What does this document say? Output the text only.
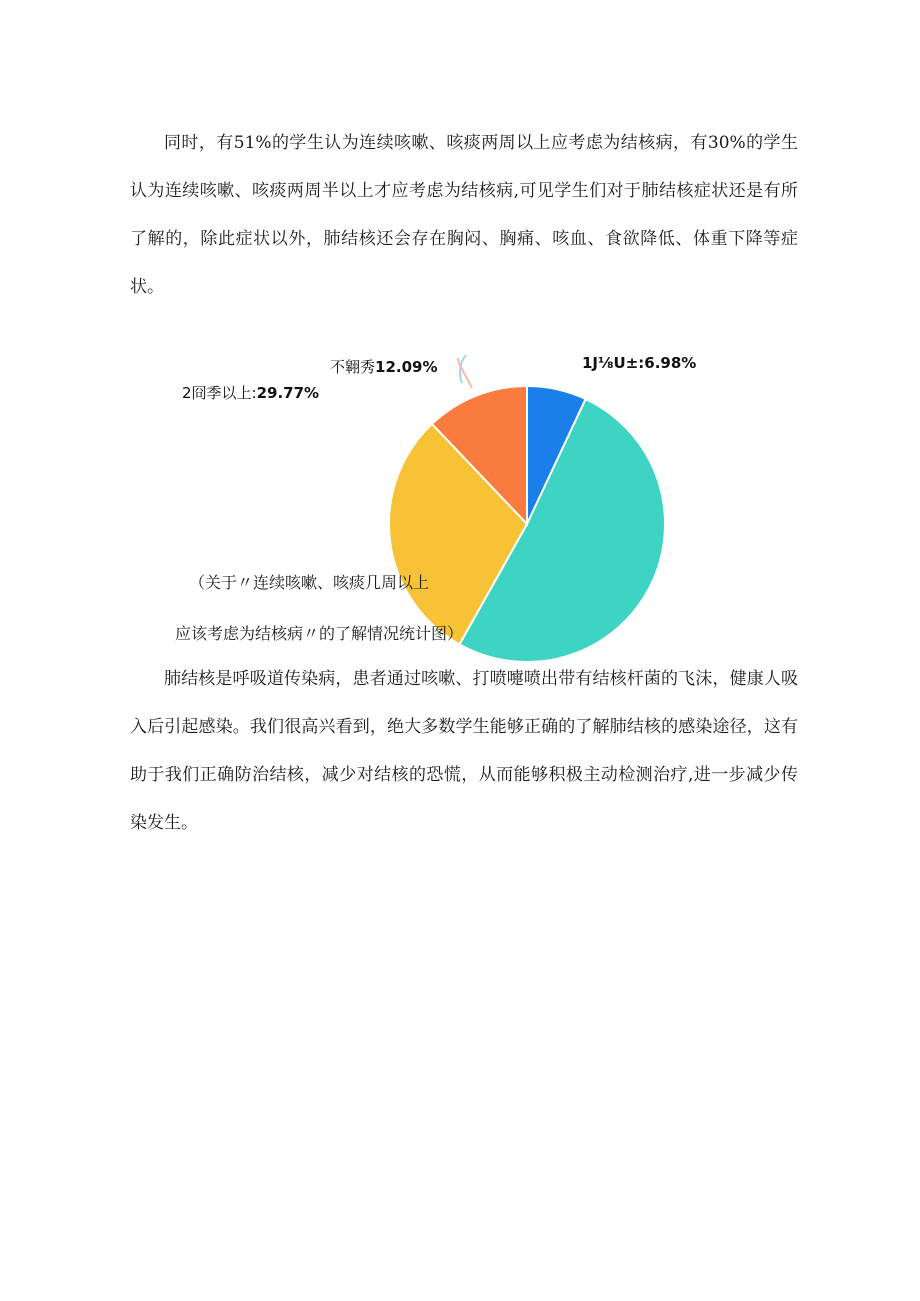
同时，有51%的学生认为连续咳嗽、咳痰两周以上应考虑为结核病，有30%的学生认为连续咳嗽、咳痰两周半以上才应考虑为结核病,可见学生们对于肺结核症状还是有所了解的，除此症状以外，肺结核还会存在胸闷、胸痛、咳血、食欲降低、体重下降等症状。

不翱秀12.09%
2冏季以上:29.77%
1J⅛U±:6.98%

（关于〃连续咳嗽、咳痰几周以上

应该考虑为结核病〃的了解情况统计图）

肺结核是呼吸道传染病，患者通过咳嗽、打喷嚏喷出带有结核杆菌的飞沫，健康人吸入后引起感染。我们很高兴看到，绝大多数学生能够正确的了解肺结核的感染途径，这有助于我们正确防治结核，减少对结核的恐慌，从而能够积极主动检测治疗,进一步减少传染发生。
